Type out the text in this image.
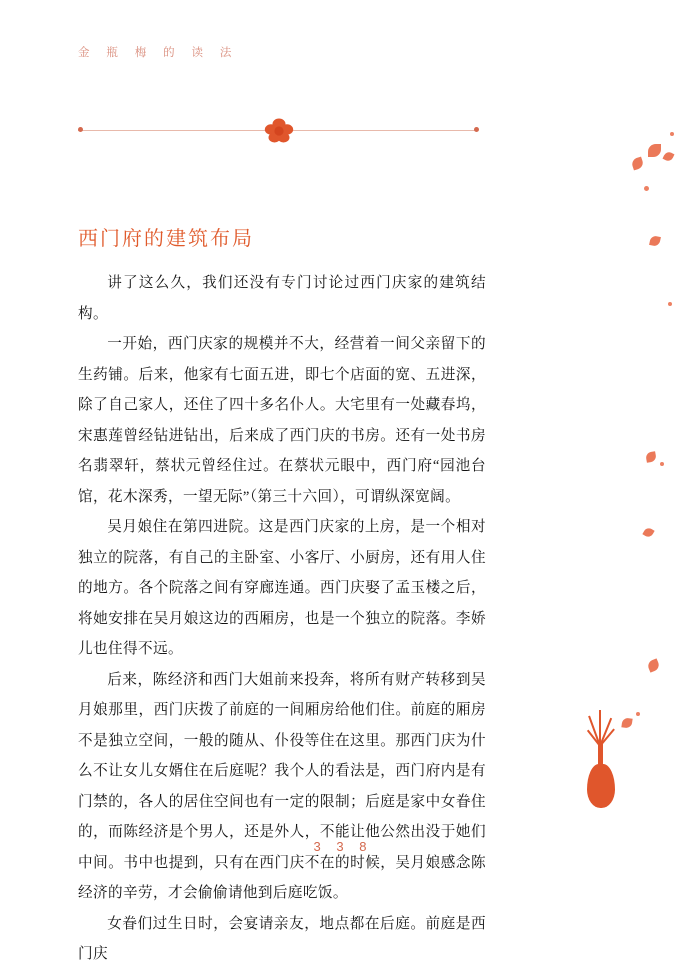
金 瓶 梅 的 读 法
西门府的建筑布局

讲了这么久，我们还没有专门讨论过西门庆家的建筑结构。

一开始，西门庆家的规模并不大，经营着一间父亲留下的生药铺。后来，他家有七面五进，即七个店面的宽、五进深，除了自己家人，还住了四十多名仆人。大宅里有一处藏春坞，宋惠莲曾经钻进钻出，后来成了西门庆的书房。还有一处书房名翡翠轩，蔡状元曾经住过。在蔡状元眼中，西门府“园池台馆，花木深秀，一望无际”（第三十六回），可谓纵深宽阔。

吴月娘住在第四进院。这是西门庆家的上房，是一个相对独立的院落，有自己的主卧室、小客厅、小厨房，还有用人住的地方。各个院落之间有穿廊连通。西门庆娶了孟玉楼之后，将她安排在吴月娘这边的西厢房，也是一个独立的院落。李娇儿也住得不远。

后来，陈经济和西门大姐前来投奔，将所有财产转移到吴月娘那里，西门庆拨了前庭的一间厢房给他们住。前庭的厢房不是独立空间，一般的随从、仆役等住在这里。那西门庆为什么不让女儿女婿住在后庭呢？我个人的看法是，西门府内是有门禁的，各人的居住空间也有一定的限制；后庭是家中女眷住的，而陈经济是个男人，还是外人，不能让他公然出没于她们中间。书中也提到，只有在西门庆不在的时候，吴月娘感念陈经济的辛劳，才会偷偷请他到后庭吃饭。

女眷们过生日时，会宴请亲友，地点都在后庭。前庭是西门庆

3 3 8
